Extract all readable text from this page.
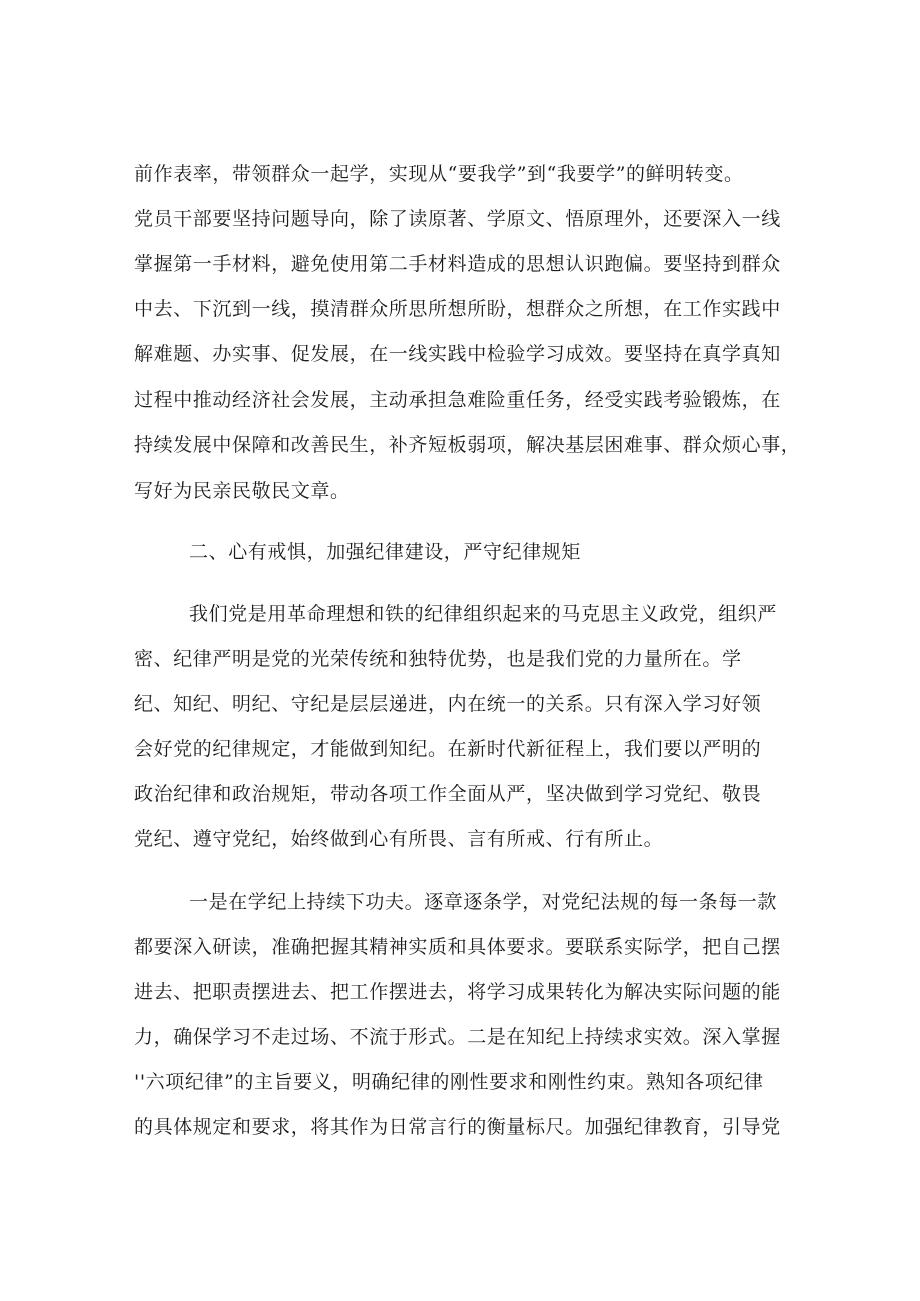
前作表率，带领群众一起学，实现从“要我学”到“我要学”的鲜明转变。
党员干部要坚持问题导向，除了读原著、学原文、悟原理外，还要深入一线
掌握第一手材料，避免使用第二手材料造成的思想认识跑偏。要坚持到群众
中去、下沉到一线，摸清群众所思所想所盼，想群众之所想，在工作实践中
解难题、办实事、促发展，在一线实践中检验学习成效。要坚持在真学真知
过程中推动经济社会发展，主动承担急难险重任务，经受实践考验锻炼，在
持续发展中保障和改善民生，补齐短板弱项，解决基层困难事、群众烦心事，
写好为民亲民敬民文章。
二、心有戒惧，加强纪律建设，严守纪律规矩
我们党是用革命理想和铁的纪律组织起来的马克思主义政党，组织严
密、纪律严明是党的光荣传统和独特优势，也是我们党的力量所在。学
纪、知纪、明纪、守纪是层层递进，内在统一的关系。只有深入学习好领
会好党的纪律规定，才能做到知纪。在新时代新征程上，我们要以严明的
政治纪律和政治规矩，带动各项工作全面从严，坚决做到学习党纪、敬畏
党纪、遵守党纪，始终做到心有所畏、言有所戒、行有所止。
一是在学纪上持续下功夫。逐章逐条学，对党纪法规的每一条每一款
都要深入研读，准确把握其精神实质和具体要求。要联系实际学，把自己摆
进去、把职责摆进去、把工作摆进去，将学习成果转化为解决实际问题的能
力，确保学习不走过场、不流于形式。二是在知纪上持续求实效。深入掌握
''六项纪律”的主旨要义，明确纪律的刚性要求和刚性约束。熟知各项纪律
的具体规定和要求，将其作为日常言行的衡量标尺。加强纪律教育，引导党
